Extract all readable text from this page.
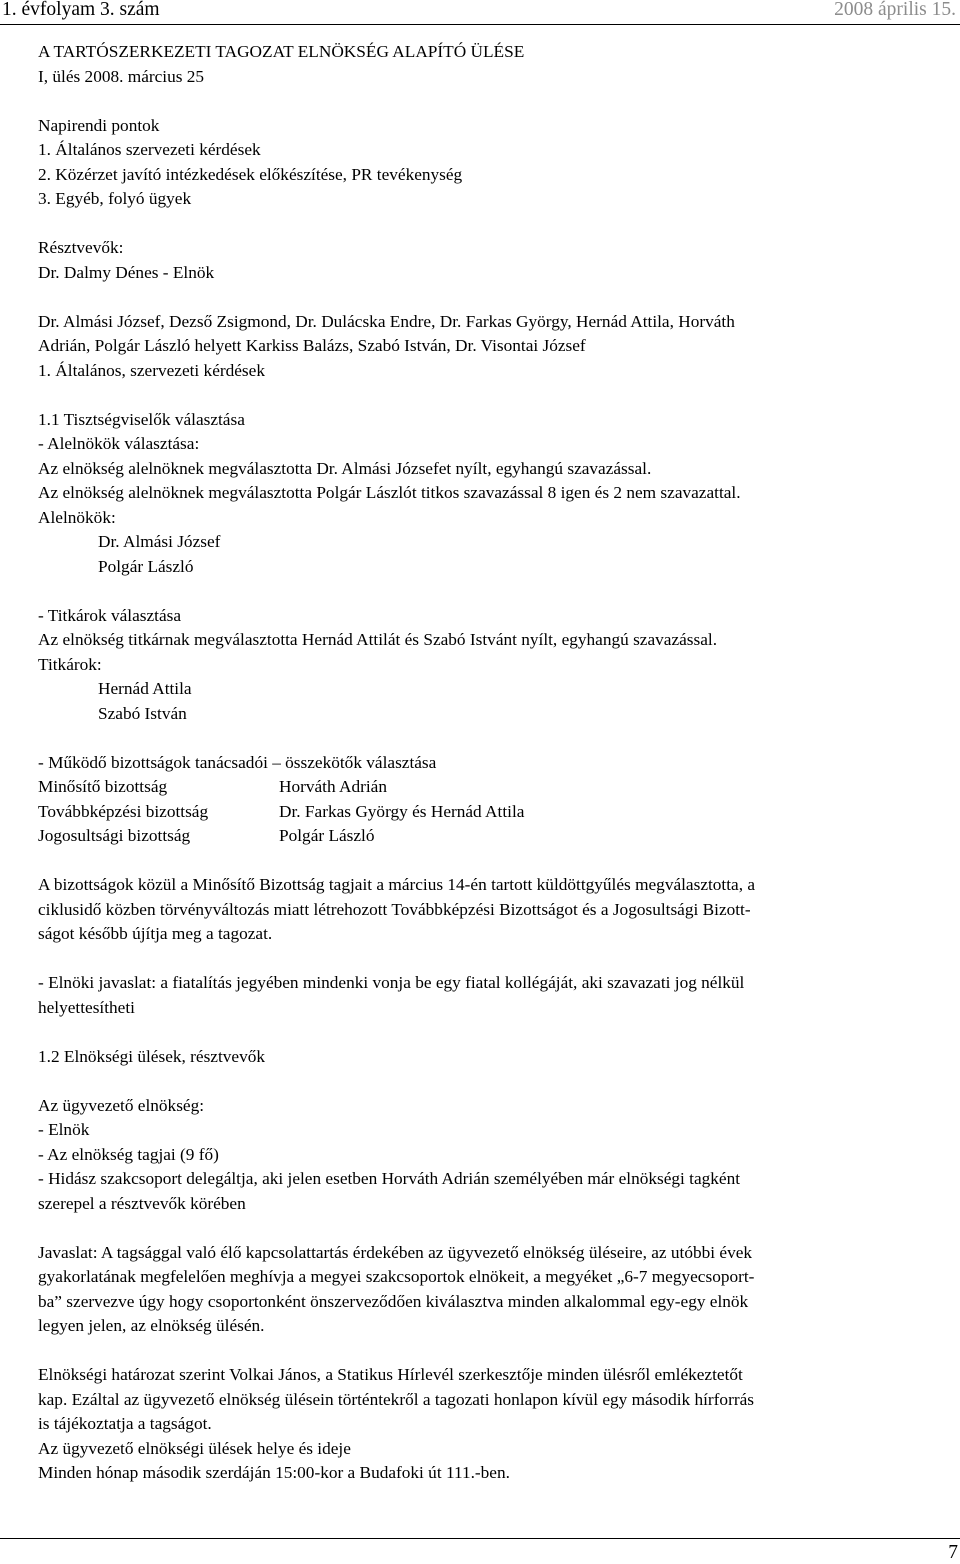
1. évfolyam 3. szám	2008 április 15.

A TARTÓSZERKEZETI TAGOZAT ELNÖKSÉG ALAPÍTÓ ÜLÉSE

I, ülés 2008. március 25

Napirendi pontok

1. Általános szervezeti kérdések

2. Közérzet javító intézkedések előkészítése, PR tevékenység

3. Egyéb, folyó ügyek

Résztvevők:

Dr. Dalmy Dénes - Elnök

Dr. Almási József, Dezső Zsigmond, Dr. Dulácska Endre, Dr. Farkas György, Hernád Attila, Horváth

Adrián, Polgár László helyett Karkiss Balázs, Szabó István, Dr. Visontai József

1. Általános, szervezeti kérdések

1.1 Tisztségviselők választása

- Alelnökök választása:

Az elnökség alelnöknek megválasztotta Dr. Almási Józsefet nyílt, egyhangú szavazással.

Az elnökség alelnöknek megválasztotta Polgár Lászlót titkos szavazással 8 igen és 2 nem szavazattal.

Alelnökök:

Dr. Almási József

Polgár László

- Titkárok választása

Az elnökség titkárnak megválasztotta Hernád Attilát és Szabó Istvánt nyílt, egyhangú szavazással.

Titkárok:

Hernád Attila

Szabó István

- Működő bizottságok tanácsadói – összekötők választása

Minősítő bizottság	Horváth Adrián
Továbbképzési bizottság	Dr. Farkas György és Hernád Attila
Jogosultsági bizottság	Polgár László

A bizottságok közül a Minősítő Bizottság tagjait a március 14-én tartott küldöttgyűlés megválasztotta, a

ciklusidő közben törvényváltozás miatt létrehozott Továbbképzési Bizottságot és a Jogosultsági Bizott-

ságot később újítja meg a tagozat.

- Elnöki javaslat: a fiatalítás jegyében mindenki vonja be egy fiatal kollégáját, aki szavazati jog nélkül

helyettesítheti

1.2 Elnökségi ülések, résztvevők

Az ügyvezető elnökség:

- Elnök

- Az elnökség tagjai (9 fő)

- Hidász szakcsoport delegáltja, aki jelen esetben Horváth Adrián személyében már elnökségi tagként

szerepel a résztvevők körében

Javaslat: A tagsággal való élő kapcsolattartás érdekében az ügyvezető elnökség üléseire, az utóbbi évek

gyakorlatának megfelelően meghívja a megyei szakcsoportok elnökeit, a megyéket „6-7 megyecsoport-

ba” szervezve úgy hogy csoportonként önszerveződően kiválasztva minden alkalommal egy-egy elnök

legyen jelen, az elnökség ülésén.

Elnökségi határozat szerint Volkai János, a Statikus Hírlevél szerkesztője minden ülésről emlékeztetőt

kap. Ezáltal az ügyvezető elnökség ülésein történtekről a tagozati honlapon kívül egy második hírforrás

is tájékoztatja a tagságot.

Az ügyvezető elnökségi ülések helye és ideje

Minden hónap második szerdáján 15:00-kor a Budafoki út 111.-ben.

7
